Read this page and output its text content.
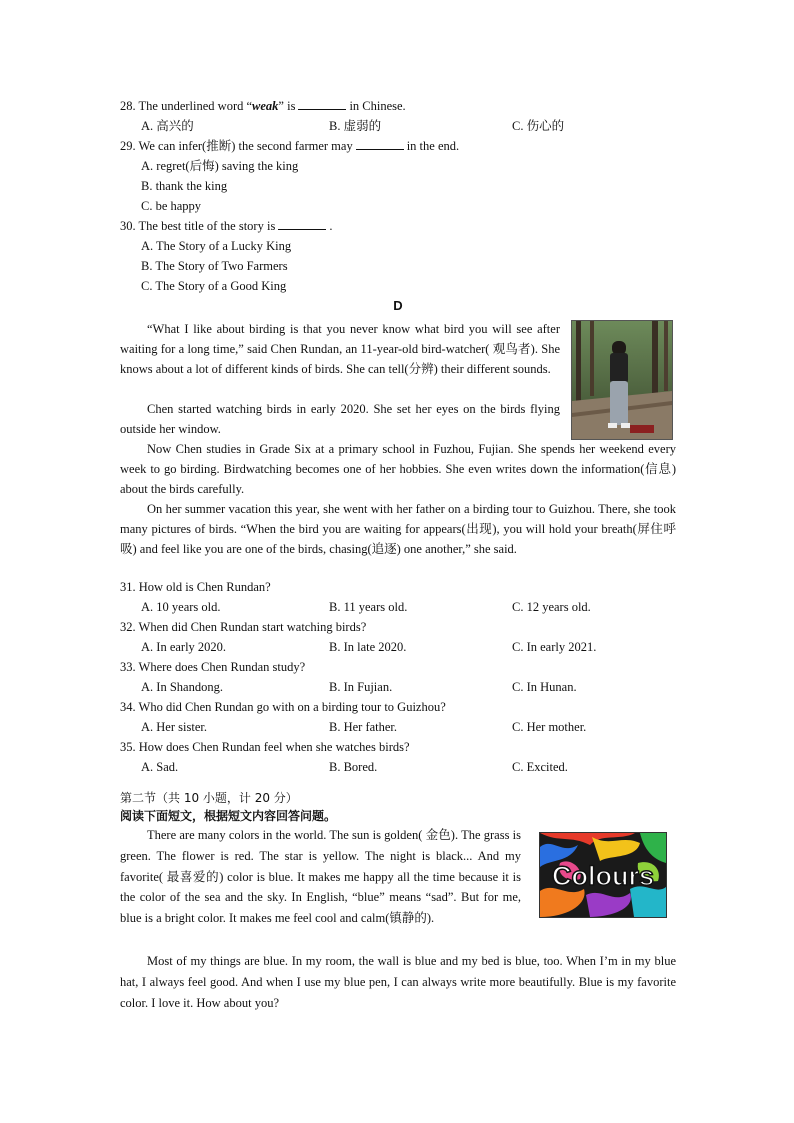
28. The underlined word “weak” is	in Chinese.
A. 高兴的	B. 虚弱的	C. 伤心的
29. We can infer(推断) the second farmer may	in the end.
A. regret(后悔) saving the king
B. thank the king
C. be happy
30. The best title of the story is	.
A. The Story of a Lucky King
B. The Story of Two Farmers
C. The Story of a Good King
D
“What I like about birding is that you never know what bird you will see after waiting for a long time,” said Chen Rundan, an 11-year-old bird-watcher( 观鸟者). She knows about a lot of different kinds of birds. She can tell(分辨) their different sounds.
Chen started watching birds in early 2020. She set her eyes on the birds flying outside her window.
Now Chen studies in Grade Six at a primary school in Fuzhou, Fujian. She spends her weekend every week to go birding. Birdwatching becomes one of her hobbies. She even writes down the information(信息) about the birds carefully.
On her summer vacation this year, she went with her father on a birding tour to Guizhou. There, she took many pictures of birds. “When the bird you are waiting for appears(出现), you will hold your breath(屏住呼吸) and feel like you are one of the birds, chasing(追逐) one another,” she said.
31. How old is Chen Rundan?
A. 10 years old.	B. 11 years old.	C. 12 years old.
32. When did Chen Rundan start watching birds?
A. In early 2020.	B. In late 2020.	C. In early 2021.
33. Where does Chen Rundan study?
A. In Shandong.	B. In Fujian.	C. In Hunan.
34. Who did Chen Rundan go with on a birding tour to Guizhou?
A. Her sister.	B. Her father.	C. Her mother.
35. How does Chen Rundan feel when she watches birds?
A. Sad.	B. Bored.	C. Excited.
第二节（共 10 小题，计 20 分）
阅读下面短文，根据短文内容回答问题。
Colours
There are many colors in the world. The sun is golden( 金色). The grass is green. The flower is red. The star is yellow. The night is black... And my favorite( 最喜爱的) color is blue. It makes me happy all the time because it is the color of the sea and the sky. In English, “blue” means “sad”. But for me, blue is a bright color. It makes me feel cool and calm(镇静的).
Most of my things are blue. In my room, the wall is blue and my bed is blue, too. When I’m in my blue hat, I always feel good. And when I use my blue pen, I can always write more beautifully. Blue is my favorite color. I love it. How about you?
